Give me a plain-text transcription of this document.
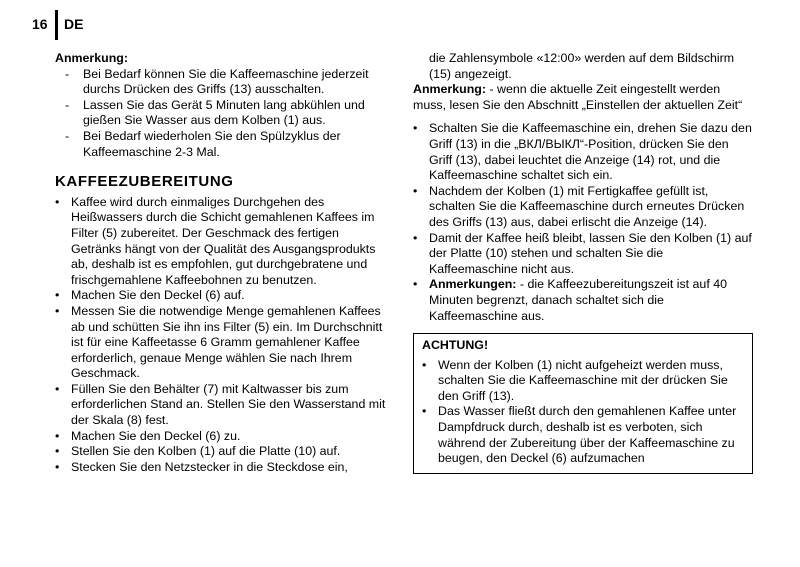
16 DE

Anmerkung:

- Bei Bedarf können Sie die Kaffeemaschine jederzeit durchs Drücken des Griffs (13) ausschalten.
- Lassen Sie das Gerät 5 Minuten lang abkühlen und gießen Sie Wasser aus dem Kolben (1) aus.
- Bei Bedarf wiederholen Sie den Spülzyklus der Kaffeemaschine 2-3 Mal.
KAFFEEZUBEREITUNG
• Kaffee wird durch einmaliges Durchgehen des Heißwassers durch die Schicht gemahlenen Kaffees im Filter (5) zubereitet. Der Geschmack des fertigen Getränks hängt von der Qualität des Ausgangsprodukts ab, deshalb ist es empfohlen, gut durchgebratene und frischgemahlene Kaffeebohnen zu benutzen.
• Machen Sie den Deckel (6) auf.
• Messen Sie die notwendige Menge gemahlenen Kaffees ab und schütten Sie ihn ins Filter (5) ein. Im Durchschnitt ist für eine Kaffeetasse 6 Gramm gemahlener Kaffee erforderlich, genaue Menge wählen Sie nach Ihrem Geschmack.
• Füllen Sie den Behälter (7) mit Kaltwasser bis zum erforderlichen Stand an. Stellen Sie den Wasserstand mit der Skala (8) fest.
• Machen Sie den Deckel (6) zu.
• Stellen Sie den Kolben (1) auf die Platte (10) auf.
• Stecken Sie den Netzstecker in die Steckdose ein,

die Zahlensymbole «12:00» werden auf dem Bildschirm (15) angezeigt.

Anmerkung: - wenn die aktuelle Zeit eingestellt werden muss, lesen Sie den Abschnitt „Einstellen der aktuellen Zeit“

• Schalten Sie die Kaffeemaschine ein, drehen Sie dazu den Griff (13) in die „ВКЛ/ВЫКЛ“-Position, drücken Sie den Griff (13), dabei leuchtet die Anzeige (14) rot, und die Kaffeemaschine schaltet sich ein.
• Nachdem der Kolben (1) mit Fertigkaffee gefüllt ist, schalten Sie die Kaffeemaschine durch erneutes Drücken des Griffs (13) aus, dabei erlischt die Anzeige (14).
• Damit der Kaffee heiß bleibt, lassen Sie den Kolben (1) auf der Platte (10) stehen und schalten Sie die Kaffeemaschine nicht aus.
• Anmerkungen: - die Kaffeezubereitungszeit ist auf 40 Minuten begrenzt, danach schaltet sich die Kaffeemaschine aus.
ACHTUNG!
• Wenn der Kolben (1) nicht aufgeheizt werden muss, schalten Sie die Kaffeemaschine mit der drücken Sie den Griff (13).
• Das Wasser fließt durch den gemahlenen Kaffee unter Dampfdruck durch, deshalb ist es verboten, sich während der Zubereitung über der Kaffeemaschine zu beugen, den Deckel (6) aufzumachen
